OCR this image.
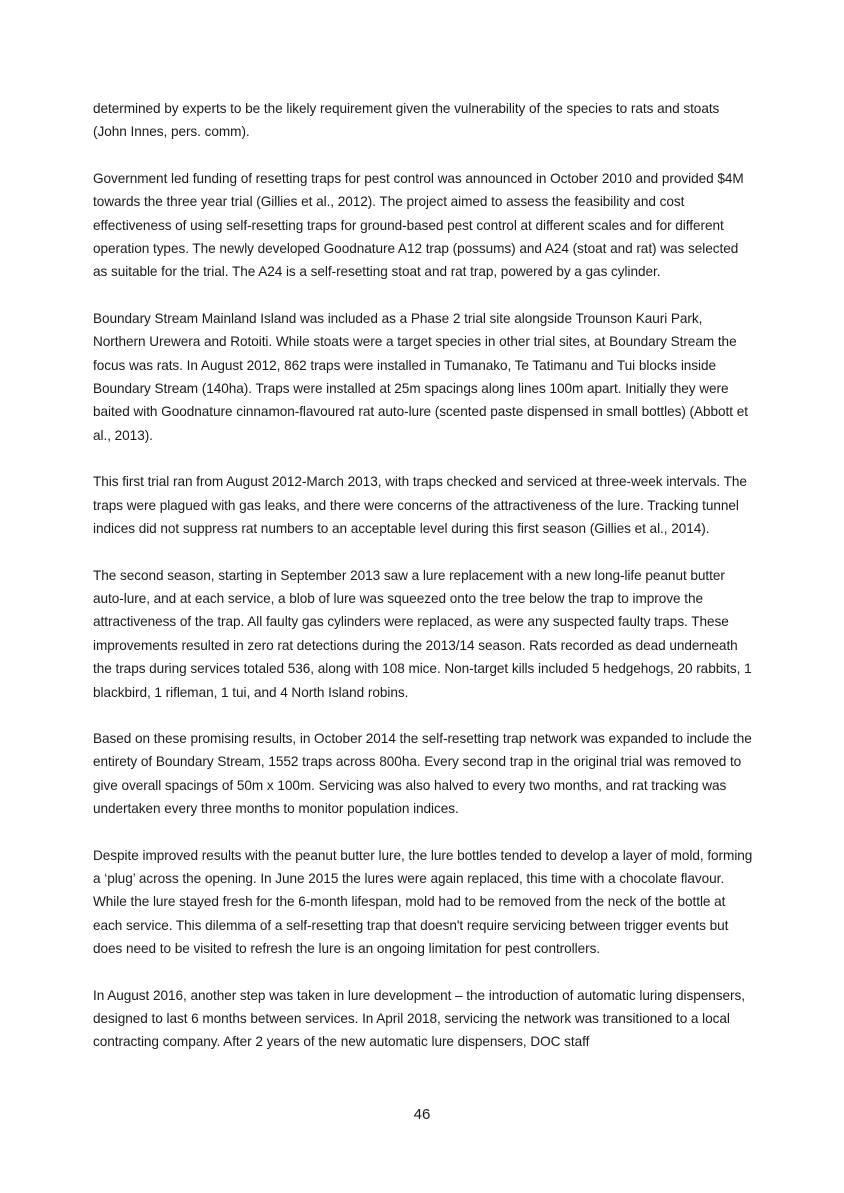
determined by experts to be the likely requirement given the vulnerability of the species to rats and stoats (John Innes, pers. comm).

Government led funding of resetting traps for pest control was announced in October 2010 and provided $4M towards the three year trial (Gillies et al., 2012). The project aimed to assess the feasibility and cost effectiveness of using self-resetting traps for ground-based pest control at different scales and for different operation types. The newly developed Goodnature A12 trap (possums) and A24 (stoat and rat) was selected as suitable for the trial. The A24 is a self-resetting stoat and rat trap, powered by a gas cylinder.

Boundary Stream Mainland Island was included as a Phase 2 trial site alongside Trounson Kauri Park, Northern Urewera and Rotoiti. While stoats were a target species in other trial sites, at Boundary Stream the focus was rats. In August 2012, 862 traps were installed in Tumanako, Te Tatimanu and Tui blocks inside Boundary Stream (140ha). Traps were installed at 25m spacings along lines 100m apart. Initially they were baited with Goodnature cinnamon-flavoured rat auto-lure (scented paste dispensed in small bottles) (Abbott et al., 2013).

This first trial ran from August 2012-March 2013, with traps checked and serviced at three-week intervals. The traps were plagued with gas leaks, and there were concerns of the attractiveness of the lure. Tracking tunnel indices did not suppress rat numbers to an acceptable level during this first season (Gillies et al., 2014).

The second season, starting in September 2013 saw a lure replacement with a new long-life peanut butter auto-lure, and at each service, a blob of lure was squeezed onto the tree below the trap to improve the attractiveness of the trap. All faulty gas cylinders were replaced, as were any suspected faulty traps. These improvements resulted in zero rat detections during the 2013/14 season. Rats recorded as dead underneath the traps during services totaled 536, along with 108 mice. Non-target kills included 5 hedgehogs, 20 rabbits, 1 blackbird, 1 rifleman, 1 tui, and 4 North Island robins.

Based on these promising results, in October 2014 the self-resetting trap network was expanded to include the entirety of Boundary Stream, 1552 traps across 800ha. Every second trap in the original trial was removed to give overall spacings of 50m x 100m. Servicing was also halved to every two months, and rat tracking was undertaken every three months to monitor population indices.

Despite improved results with the peanut butter lure, the lure bottles tended to develop a layer of mold, forming a ‘plug’ across the opening. In June 2015 the lures were again replaced, this time with a chocolate flavour. While the lure stayed fresh for the 6-month lifespan, mold had to be removed from the neck of the bottle at each service. This dilemma of a self-resetting trap that doesn't require servicing between trigger events but does need to be visited to refresh the lure is an ongoing limitation for pest controllers.

In August 2016, another step was taken in lure development – the introduction of automatic luring dispensers, designed to last 6 months between services. In April 2018, servicing the network was transitioned to a local contracting company. After 2 years of the new automatic lure dispensers, DOC staff

46
